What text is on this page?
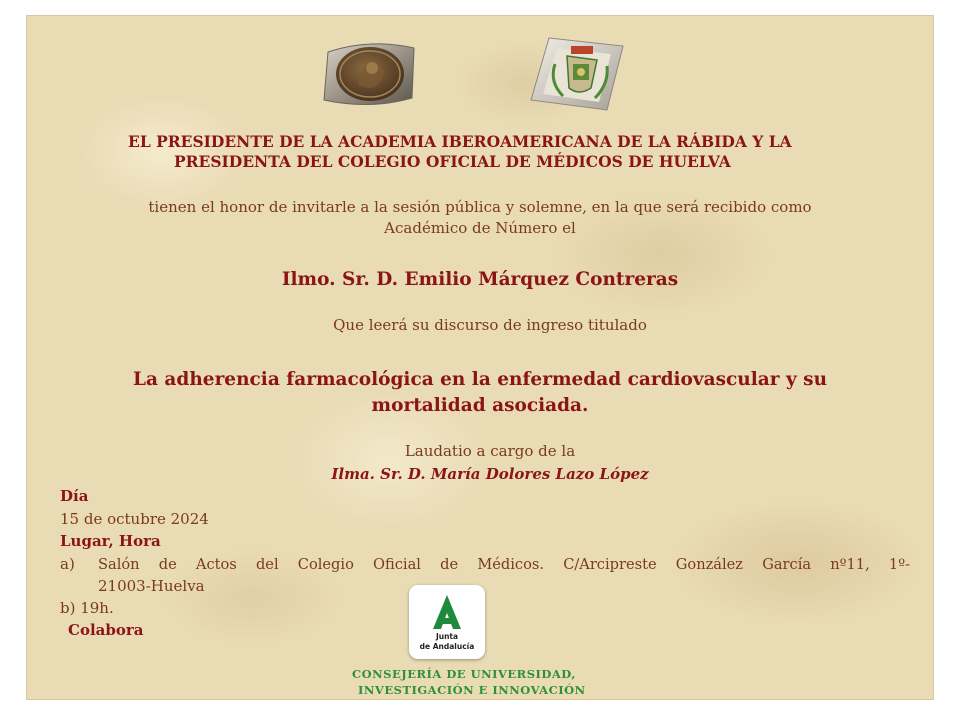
EL PRESIDENTE DE LA ACADEMIA IBEROAMERICANA DE LA RÁBIDA Y LA

PRESIDENTA DEL COLEGIO OFICIAL DE MÉDICOS DE HUELVA

tienen el honor de invitarle a la sesión pública y solemne, en la que será recibido como

Académico de Número el

Ilmo. Sr. D. Emilio Márquez Contreras

Que leerá su discurso de ingreso titulado

La adherencia farmacológica en la enfermedad cardiovascular y su

mortalidad asociada.

Laudatio a cargo de la

Ilma. Sr. D. María Dolores Lazo López

Día

15 de octubre 2024

Lugar, Hora

a) Salón de Actos del Colegio Oficial de Médicos. C/Arcipreste González García nº11, 1º-

21003-Huelva

b) 19h.

Colabora	Junta
de Andalucía

CONSEJERÍA DE UNIVERSIDAD,

INVESTIGACIÓN E INNOVACIÓN
